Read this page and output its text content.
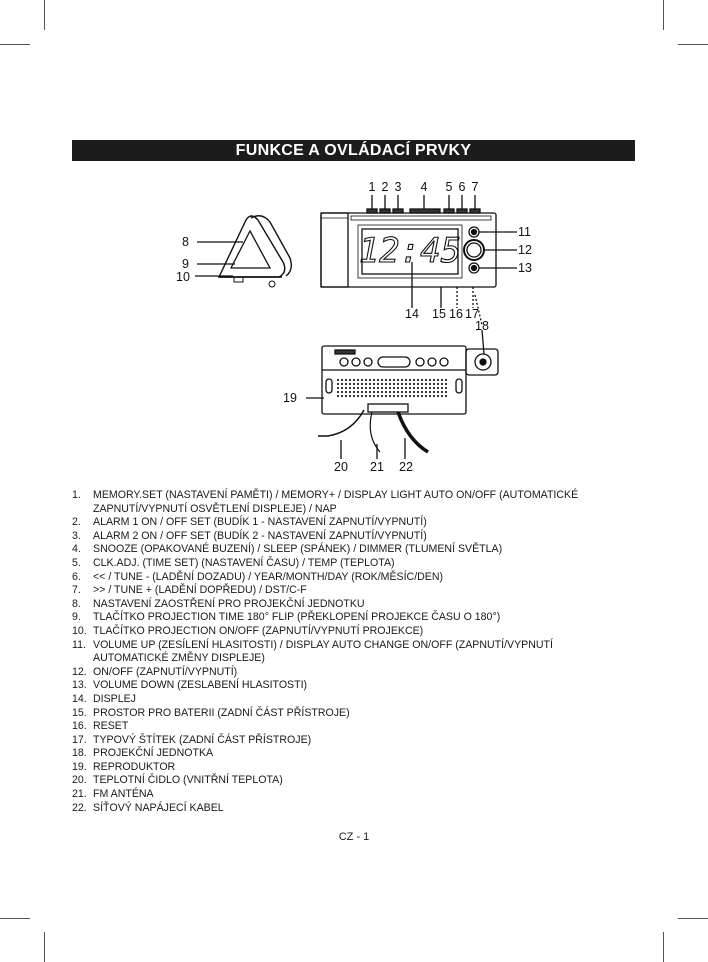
FUNKCE A OVLÁDACÍ PRVKY
12:45
1 2 3 4 5 6 7
8
9
10
11
12
13
14 15 16 17
18
19
20 21 22
1. MEMORY.SET (NASTAVENÍ PAMĚTI) / MEMORY+ / DISPLAY LIGHT AUTO ON/OFF (AUTOMATICKÉ
ZAPNUTÍ/VYPNUTÍ OSVĚTLENÍ DISPLEJE) / NAP
2. ALARM 1 ON / OFF SET (BUDÍK 1 - NASTAVENÍ ZAPNUTÍ/VYPNUTÍ)
3. ALARM 2 ON / OFF SET (BUDÍK 2 - NASTAVENÍ ZAPNUTÍ/VYPNUTÍ)
4. SNOOZE (OPAKOVANÉ BUZENÍ) / SLEEP (SPÁNEK) / DIMMER (TLUMENÍ SVĚTLA)
5. CLK.ADJ. (TIME SET) (NASTAVENÍ ČASU) / TEMP (TEPLOTA)
6. << / TUNE - (LADĚNÍ DOZADU) / YEAR/MONTH/DAY (ROK/MĚSÍC/DEN)
7. >> / TUNE + (LADĚNÍ DOPŘEDU) / DST/C-F
8. NASTAVENÍ ZAOSTŘENÍ PRO PROJEKČNÍ JEDNOTKU
9. TLAČÍTKO PROJECTION TIME 180° FLIP (PŘEKLOPENÍ PROJEKCE ČASU O 180°)
10. TLAČÍTKO PROJECTION ON/OFF (ZAPNUTÍ/VYPNUTÍ PROJEKCE)
11. VOLUME UP (ZESÍLENÍ HLASITOSTI) / DISPLAY AUTO CHANGE ON/OFF (ZAPNUTÍ/VYPNUTÍ
AUTOMATICKÉ ZMĚNY DISPLEJE)
12. ON/OFF (ZAPNUTÍ/VYPNUTÍ)
13. VOLUME DOWN (ZESLABENÍ HLASITOSTI)
14. DISPLEJ
15. PROSTOR PRO BATERII (ZADNÍ ČÁST PŘÍSTROJE)
16. RESET
17. TYPOVÝ ŠTÍTEK (ZADNÍ ČÁST PŘÍSTROJE)
18. PROJEKČNÍ JEDNOTKA
19. REPRODUKTOR
20. TEPLOTNÍ ČIDLO (VNITŘNÍ TEPLOTA)
21. FM ANTÉNA
22. SÍŤOVÝ NAPÁJECÍ KABEL
CZ - 1
